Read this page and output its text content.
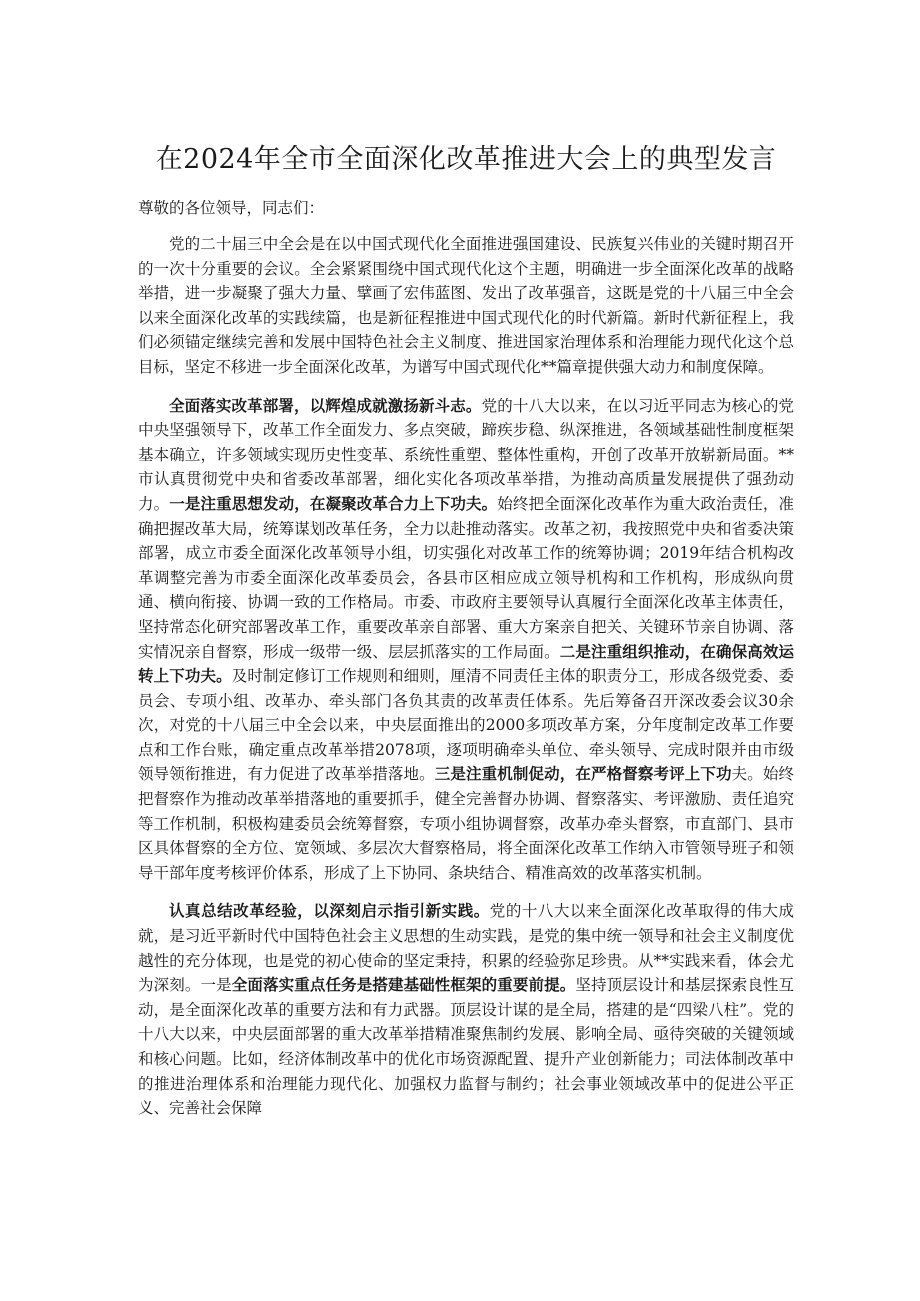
在2024年全市全面深化改革推进大会上的典型发言

尊敬的各位领导，同志们：

党的二十届三中全会是在以中国式现代化全面推进强国建设、民族复兴伟业的关键时期召开的一次十分重要的会议。全会紧紧围绕中国式现代化这个主题，明确进一步全面深化改革的战略举措，进一步凝聚了强大力量、擘画了宏伟蓝图、发出了改革强音，这既是党的十八届三中全会以来全面深化改革的实践续篇，也是新征程推进中国式现代化的时代新篇。新时代新征程上，我们必须锚定继续完善和发展中国特色社会主义制度、推进国家治理体系和治理能力现代化这个总目标，坚定不移进一步全面深化改革，为谱写中国式现代化**篇章提供强大动力和制度保障。

全面落实改革部署，以辉煌成就激扬新斗志。党的十八大以来，在以习近平同志为核心的党中央坚强领导下，改革工作全面发力、多点突破，蹄疾步稳、纵深推进，各领域基础性制度框架基本确立，许多领域实现历史性变革、系统性重塑、整体性重构，开创了改革开放崭新局面。**市认真贯彻党中央和省委改革部署，细化实化各项改革举措，为推动高质量发展提供了强劲动力。一是注重思想发动，在凝聚改革合力上下功夫。始终把全面深化改革作为重大政治责任，准确把握改革大局，统筹谋划改革任务，全力以赴推动落实。改革之初，我按照党中央和省委决策部署，成立市委全面深化改革领导小组，切实强化对改革工作的统筹协调；2019年结合机构改革调整完善为市委全面深化改革委员会，各县市区相应成立领导机构和工作机构，形成纵向贯通、横向衔接、协调一致的工作格局。市委、市政府主要领导认真履行全面深化改革主体责任，坚持常态化研究部署改革工作，重要改革亲自部署、重大方案亲自把关、关键环节亲自协调、落实情况亲自督察，形成一级带一级、层层抓落实的工作局面。二是注重组织推动，在确保高效运转上下功夫。及时制定修订工作规则和细则，厘清不同责任主体的职责分工，形成各级党委、委员会、专项小组、改革办、牵头部门各负其责的改革责任体系。先后筹备召开深改委会议30余次，对党的十八届三中全会以来，中央层面推出的2000多项改革方案，分年度制定改革工作要点和工作台账，确定重点改革举措2078项，逐项明确牵头单位、牵头领导、完成时限并由市级领导领衔推进，有力促进了改革举措落地。三是注重机制促动，在严格督察考评上下功夫。始终把督察作为推动改革举措落地的重要抓手，健全完善督办协调、督察落实、考评激励、责任追究等工作机制，积极构建委员会统筹督察，专项小组协调督察，改革办牵头督察，市直部门、县市区具体督察的全方位、宽领域、多层次大督察格局，将全面深化改革工作纳入市管领导班子和领导干部年度考核评价体系，形成了上下协同、条块结合、精准高效的改革落实机制。

认真总结改革经验，以深刻启示指引新实践。党的十八大以来全面深化改革取得的伟大成就，是习近平新时代中国特色社会主义思想的生动实践，是党的集中统一领导和社会主义制度优越性的充分体现，也是党的初心使命的坚定秉持，积累的经验弥足珍贵。从**实践来看，体会尤为深刻。一是全面落实重点任务是搭建基础性框架的重要前提。坚持顶层设计和基层探索良性互动，是全面深化改革的重要方法和有力武器。顶层设计谋的是全局，搭建的是“四梁八柱”。党的十八大以来，中央层面部署的重大改革举措精准聚焦制约发展、影响全局、亟待突破的关键领域和核心问题。比如，经济体制改革中的优化市场资源配置、提升产业创新能力；司法体制改革中的推进治理体系和治理能力现代化、加强权力监督与制约；社会事业领域改革中的促进公平正义、完善社会保障
